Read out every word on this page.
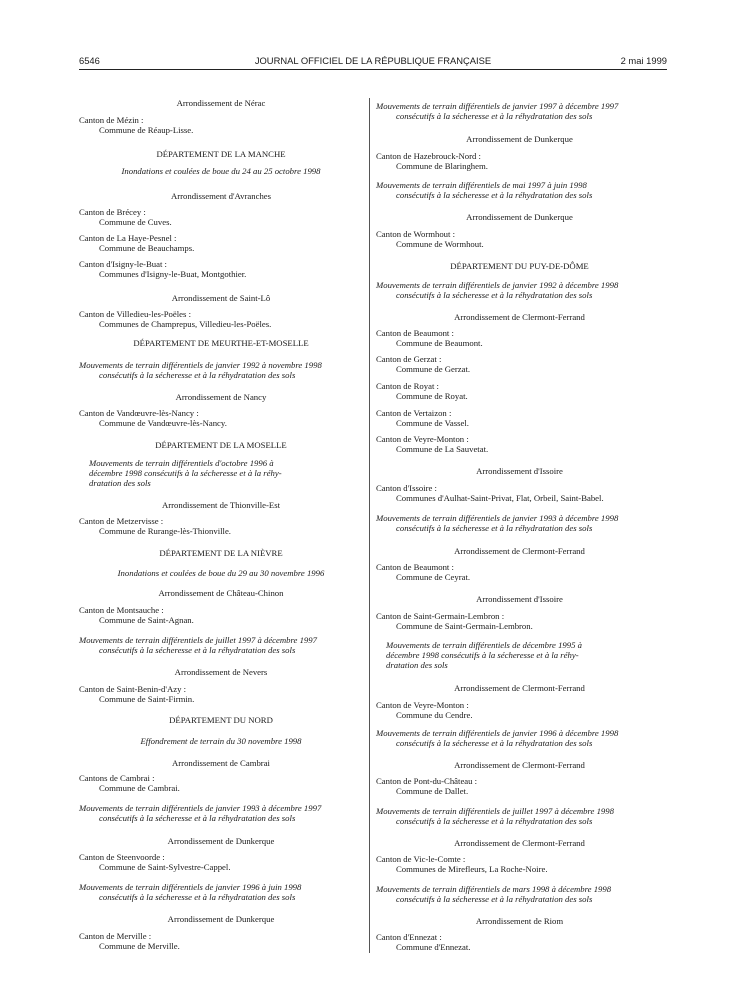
6546	JOURNAL OFFICIEL DE LA RÉPUBLIQUE FRANÇAISE	2 mai 1999
Arrondissement de Nérac
Canton de Mézin :
Commune de Réaup-Lisse.
DÉPARTEMENT DE LA MANCHE
Inondations et coulées de boue du 24 au 25 octobre 1998
Arrondissement d'Avranches
Canton de Brécey :
Commune de Cuves.
Canton de La Haye-Pesnel :
Commune de Beauchamps.
Canton d'Isigny-le-Buat :
Communes d'Isigny-le-Buat, Montgothier.
Arrondissement de Saint-Lô
Canton de Villedieu-les-Poëles :
Communes de Champrepus, Villedieu-les-Poëles.
DÉPARTEMENT DE MEURTHE-ET-MOSELLE
Mouvements de terrain différentiels de janvier 1992 à novembre 1998
consécutifs à la sécheresse et à la réhydratation des sols
Arrondissement de Nancy
Canton de Vandœuvre-lès-Nancy :
Commune de Vandœuvre-lès-Nancy.
DÉPARTEMENT DE LA MOSELLE
Mouvements de terrain différentiels d'octobre 1996 à
décembre 1998 consécutifs à la sécheresse et à la réhy-
dratation des sols
Arrondissement de Thionville-Est
Canton de Metzervisse :
Commune de Rurange-lès-Thionville.
DÉPARTEMENT DE LA NIÈVRE
Inondations et coulées de boue du 29 au 30 novembre 1996
Arrondissement de Château-Chinon
Canton de Montsauche :
Commune de Saint-Agnan.
Mouvements de terrain différentiels de juillet 1997 à décembre 1997
consécutifs à la sécheresse et à la réhydratation des sols
Arrondissement de Nevers
Canton de Saint-Benin-d'Azy :
Commune de Saint-Firmin.
DÉPARTEMENT DU NORD
Effondrement de terrain du 30 novembre 1998
Arrondissement de Cambrai
Cantons de Cambrai :
Commune de Cambrai.
Mouvements de terrain différentiels de janvier 1993 à décembre 1997
consécutifs à la sécheresse et à la réhydratation des sols
Arrondissement de Dunkerque
Canton de Steenvoorde :
Commune de Saint-Sylvestre-Cappel.
Mouvements de terrain différentiels de janvier 1996 à juin 1998
consécutifs à la sécheresse et à la réhydratation des sols
Arrondissement de Dunkerque
Canton de Merville :
Commune de Merville.
Mouvements de terrain différentiels de janvier 1997 à décembre 1997
consécutifs à la sécheresse et à la réhydratation des sols
Arrondissement de Dunkerque
Canton de Hazebrouck-Nord :
Commune de Blaringhem.
Mouvements de terrain différentiels de mai 1997 à juin 1998
consécutifs à la sécheresse et à la réhydratation des sols
Arrondissement de Dunkerque
Canton de Wormhout :
Commune de Wormhout.
DÉPARTEMENT DU PUY-DE-DÔME
Mouvements de terrain différentiels de janvier 1992 à décembre 1998
consécutifs à la sécheresse et à la réhydratation des sols
Arrondissement de Clermont-Ferrand
Canton de Beaumont :
Commune de Beaumont.
Canton de Gerzat :
Commune de Gerzat.
Canton de Royat :
Commune de Royat.
Canton de Vertaizon :
Commune de Vassel.
Canton de Veyre-Monton :
Commune de La Sauvetat.
Arrondissement d'Issoire
Canton d'Issoire :
Communes d'Aulhat-Saint-Privat, Flat, Orbeil, Saint-Babel.
Mouvements de terrain différentiels de janvier 1993 à décembre 1998
consécutifs à la sécheresse et à la réhydratation des sols
Arrondissement de Clermont-Ferrand
Canton de Beaumont :
Commune de Ceyrat.
Arrondissement d'Issoire
Canton de Saint-Germain-Lembron :
Commune de Saint-Germain-Lembron.
Mouvements de terrain différentiels de décembre 1995 à
décembre 1998 consécutifs à la sécheresse et à la réhy-
dratation des sols
Arrondissement de Clermont-Ferrand
Canton de Veyre-Monton :
Commune du Cendre.
Mouvements de terrain différentiels de janvier 1996 à décembre 1998
consécutifs à la sécheresse et à la réhydratation des sols
Arrondissement de Clermont-Ferrand
Canton de Pont-du-Château :
Commune de Dallet.
Mouvements de terrain différentiels de juillet 1997 à décembre 1998
consécutifs à la sécheresse et à la réhydratation des sols
Arrondissement de Clermont-Ferrand
Canton de Vic-le-Comte :
Communes de Mirefleurs, La Roche-Noire.
Mouvements de terrain différentiels de mars 1998 à décembre 1998
consécutifs à la sécheresse et à la réhydratation des sols
Arrondissement de Riom
Canton d'Ennezat :
Commune d'Ennezat.
